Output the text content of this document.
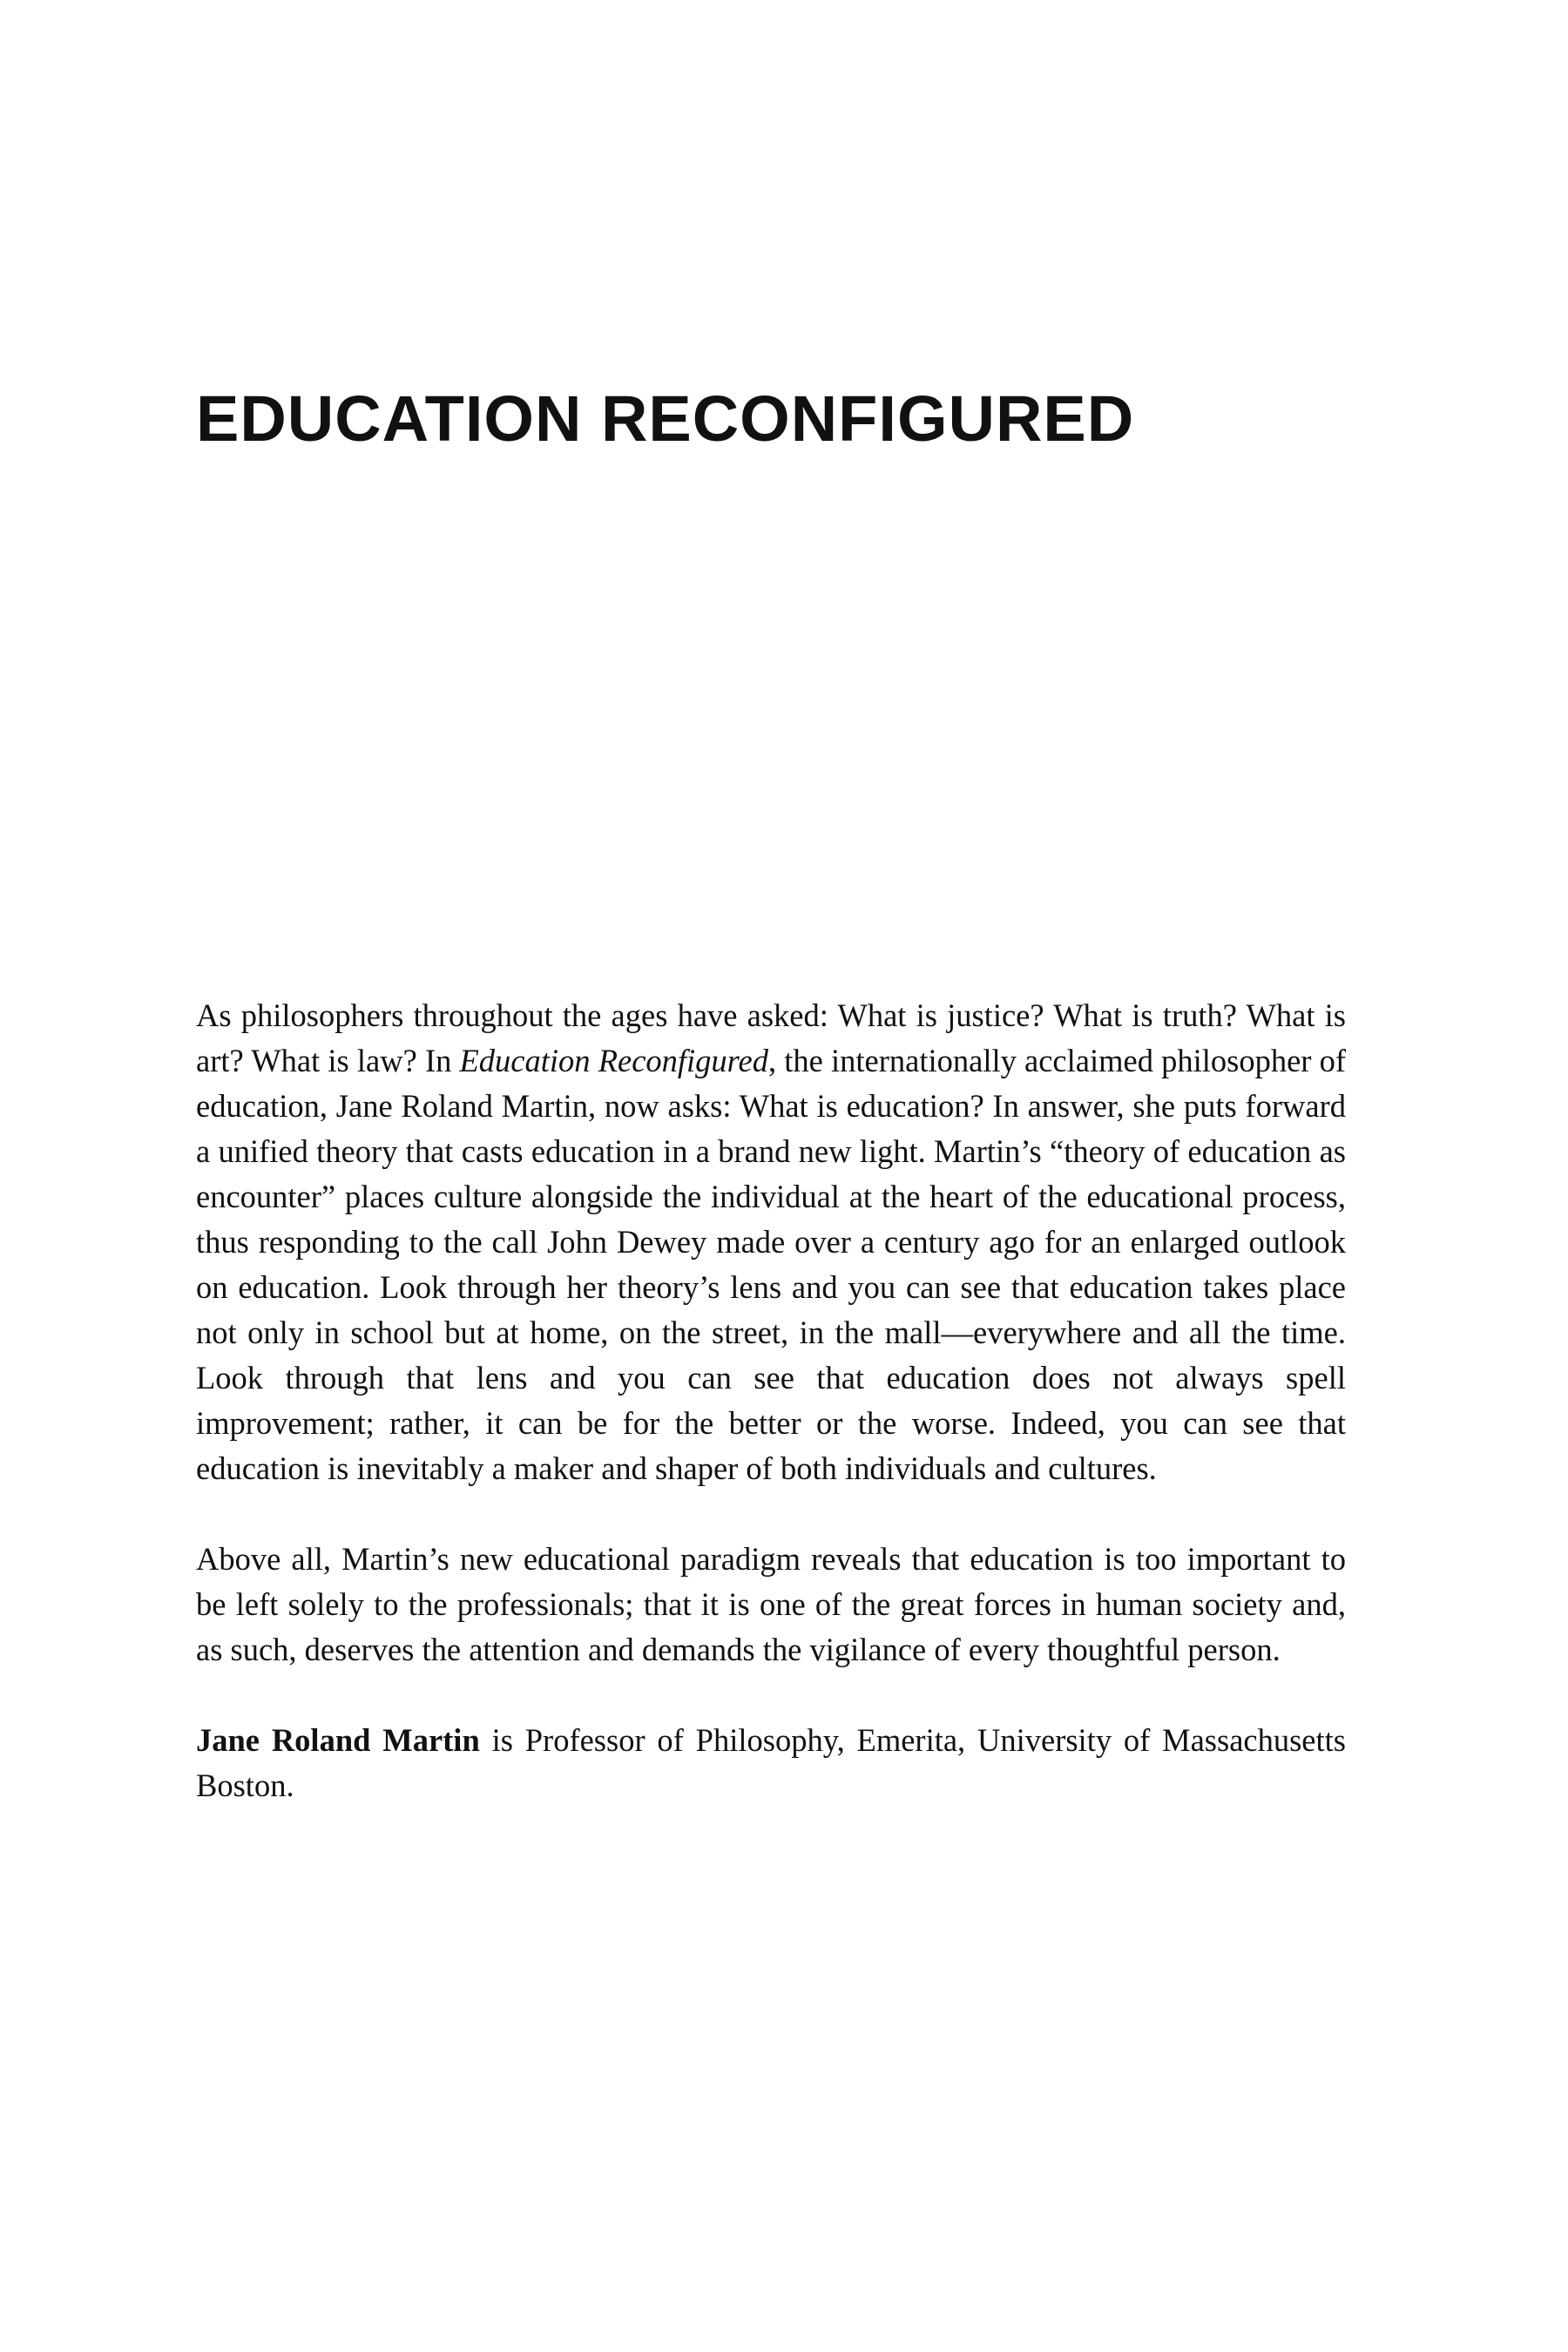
EDUCATION RECONFIGURED

As philosophers throughout the ages have asked: What is justice? What is truth? What is art? What is law? In Education Reconfigured, the internationally acclaimed philosopher of education, Jane Roland Martin, now asks: What is education? In answer, she puts forward a unified theory that casts education in a brand new light. Martin’s “theory of education as encounter” places culture alongside the individual at the heart of the educational process, thus responding to the call John Dewey made over a century ago for an enlarged outlook on education. Look through her theory’s lens and you can see that education takes place not only in school but at home, on the street, in the mall—everywhere and all the time. Look through that lens and you can see that education does not always spell improvement; rather, it can be for the better or the worse. Indeed, you can see that education is inevitably a maker and shaper of both individuals and cultures.

Above all, Martin’s new educational paradigm reveals that education is too important to be left solely to the professionals; that it is one of the great forces in human society and, as such, deserves the attention and demands the vigilance of every thoughtful person.

Jane Roland Martin is Professor of Philosophy, Emerita, University of Massachusetts Boston.
